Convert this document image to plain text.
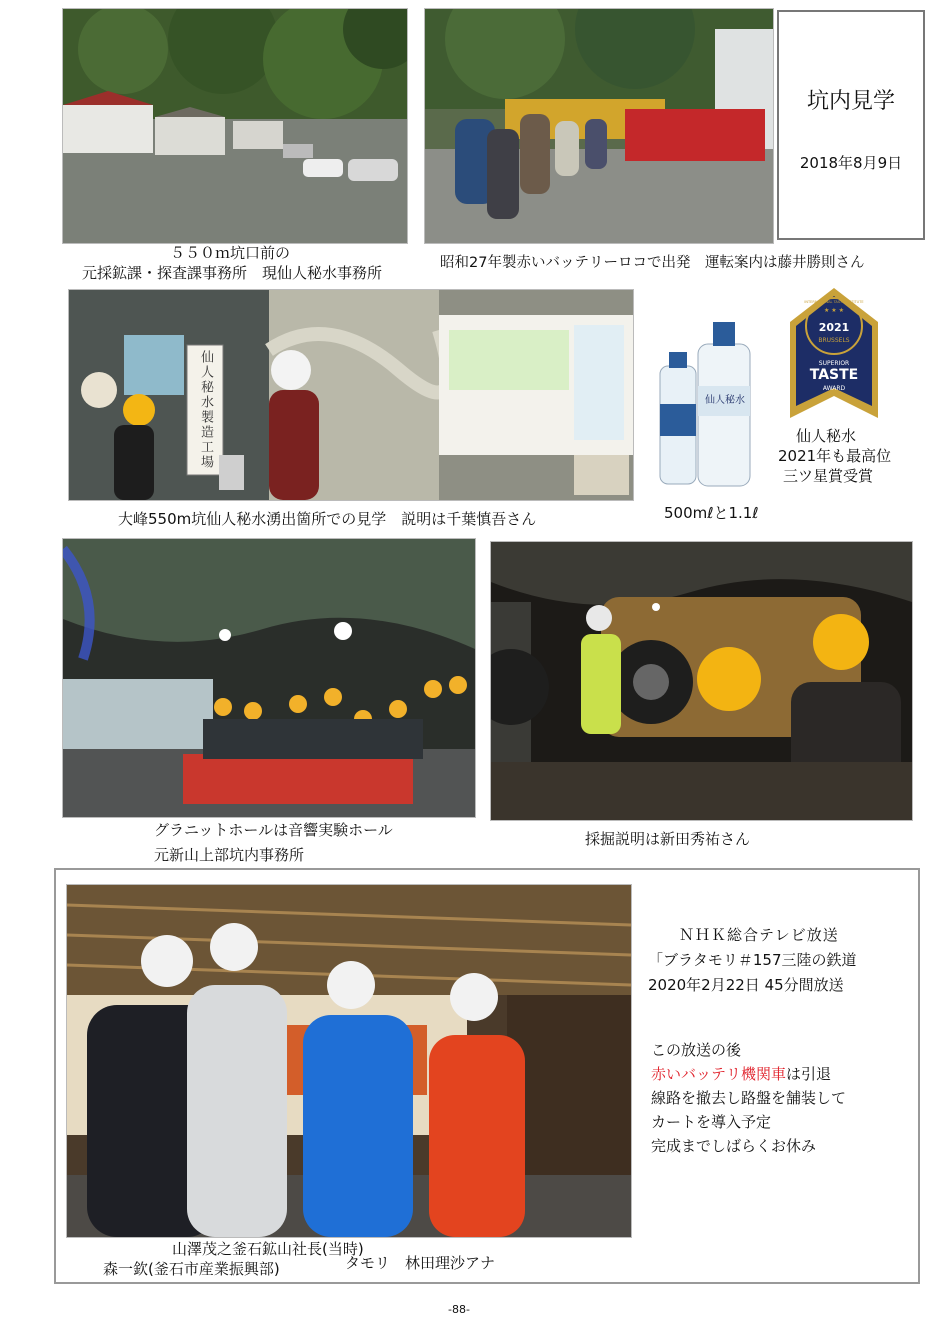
５５０ｍ坑口前の
元採鉱課・探査課事務所　現仙人秘水事務所
昭和27年製赤いバッテリーロコで出発　運転案内は藤井勝則さん
坑内見学
2018年8月9日
仙人秘水製造工場
大峰550m坑仙人秘水湧出箇所での見学　説明は千葉慎吾さん
仙人秘水
500mℓと1.1ℓ
★ ★ ★
2021
BRUSSELS
INTERNATIONAL TASTE INSTITUTE
SUPERIOR
TASTE
AWARD
仙人秘水
2021年も最高位
三ツ星賞受賞
グラニットホールは音響実験ホール
元新山上部坑内事務所
採掘説明は新田秀祐さん
山澤茂之釜石鉱山社長(当時)
タモリ　林田理沙アナ
森一欽(釜石市産業振興部)
ＮＨＫ総合テレビ放送
「ブラタモリ＃157三陸の鉄道
2020年2月22日 45分間放送
この放送の後
赤いバッテリ機関車は引退
線路を撤去し路盤を舗装して
カートを導入予定
完成までしばらくお休み
-88-
